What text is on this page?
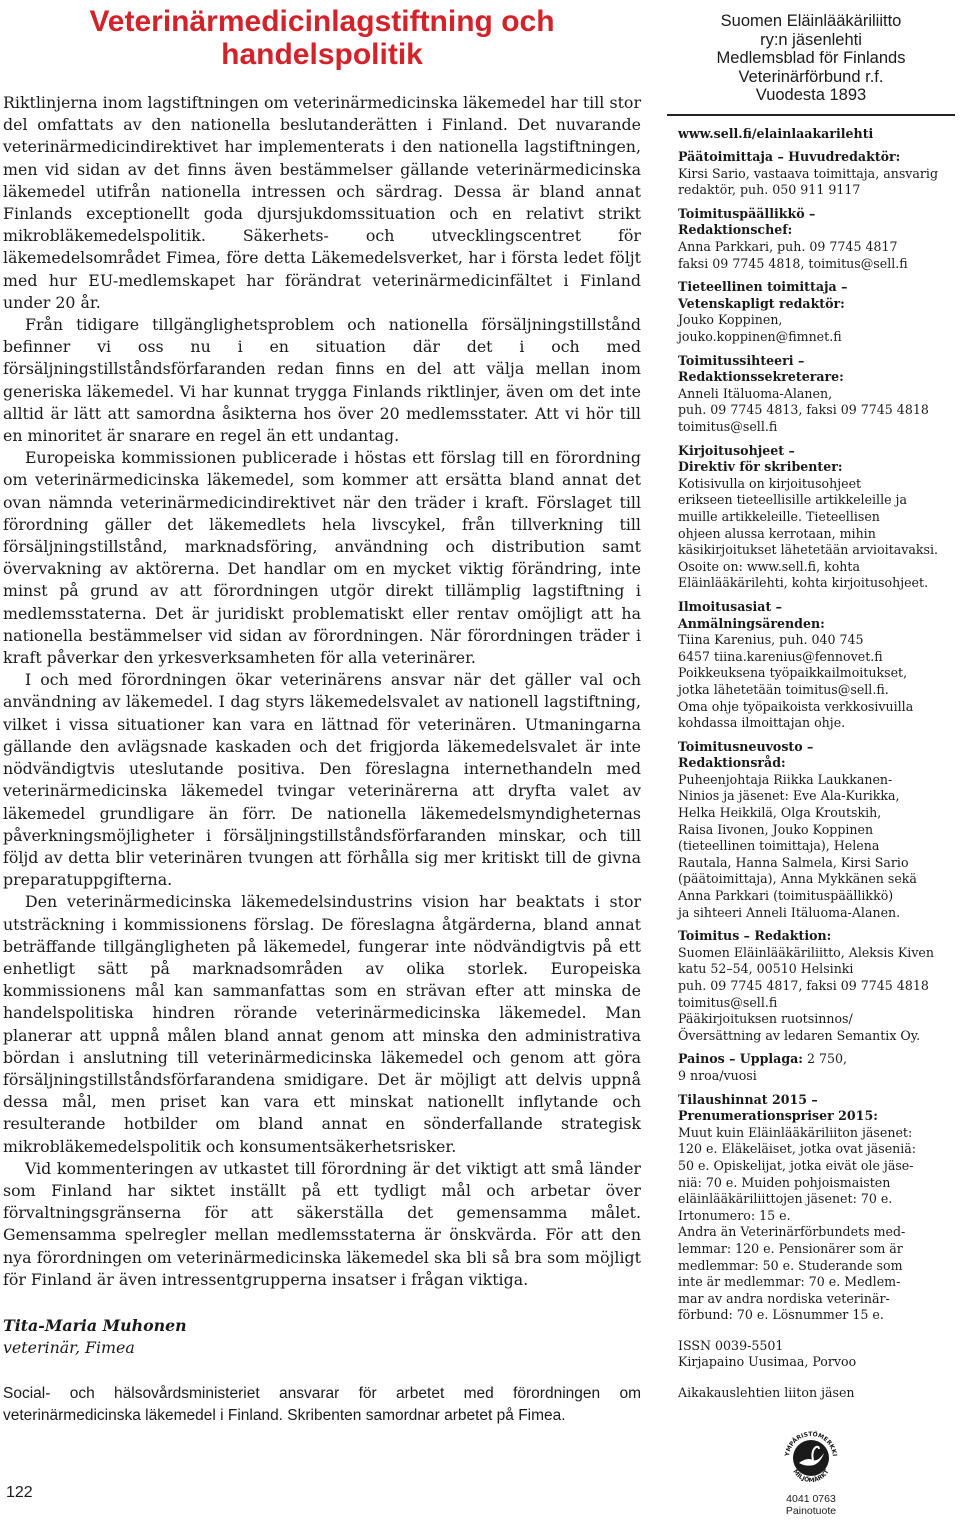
Veterinärmedicinlagstiftning och handelspolitik

Riktlinjerna inom lagstiftningen om veterinärmedicinska läkemedel har till stor del omfattats av den nationella beslutanderätten i Finland. Det nuvarande veterinärmedicindirektivet har implementerats i den nationella lagstiftningen, men vid sidan av det finns även bestämmelser gällande veterinärmedicinska läkemedel utifrån nationella intressen och särdrag. Dessa är bland annat Finlands exceptionellt goda djursjukdomssituation och en relativt strikt mikrobläkemedelspolitik. Säkerhets- och utvecklingscentret för läkemedelsområdet Fimea, före detta Läkemedelsverket, har i första ledet följt med hur EU-medlemskapet har förändrat veterinärmedicinfältet i Finland under 20 år.

Från tidigare tillgänglighetsproblem och nationella försäljningstillstånd befinner vi oss nu i en situation där det i och med försäljningstillståndsförfaranden redan finns en del att välja mellan inom generiska läkemedel. Vi har kunnat trygga Finlands riktlinjer, även om det inte alltid är lätt att samordna åsikterna hos över 20 medlemsstater. Att vi hör till en minoritet är snarare en regel än ett undantag.

Europeiska kommissionen publicerade i höstas ett förslag till en förordning om veterinärmedicinska läkemedel, som kommer att ersätta bland annat det ovan nämnda veterinärmedicindirektivet när den träder i kraft. Förslaget till förordning gäller det läkemedlets hela livscykel, från tillverkning till försäljningstillstånd, marknadsföring, användning och distribution samt övervakning av aktörerna. Det handlar om en mycket viktig förändring, inte minst på grund av att förordningen utgör direkt tillämplig lagstiftning i medlemsstaterna. Det är juridiskt problematiskt eller rentav omöjligt att ha nationella bestämmelser vid sidan av förordningen. När förordningen träder i kraft påverkar den yrkesverksamheten för alla veterinärer.

I och med förordningen ökar veterinärens ansvar när det gäller val och användning av läkemedel. I dag styrs läkemedelsvalet av nationell lagstiftning, vilket i vissa situationer kan vara en lättnad för veterinären. Utmaningarna gällande den avlägsnade kaskaden och det frigjorda läkemedelsvalet är inte nödvändigtvis uteslutande positiva. Den föreslagna internethandeln med veterinärmedicinska läkemedel tvingar veterinärerna att dryfta valet av läkemedel grundligare än förr. De nationella läkemedelsmyndigheternas påverkningsmöjligheter i försäljningstillståndsförfaranden minskar, och till följd av detta blir veterinären tvungen att förhålla sig mer kritiskt till de givna preparatuppgifterna.

Den veterinärmedicinska läkemedelsindustrins vision har beaktats i stor utsträckning i kommissionens förslag. De föreslagna åtgärderna, bland annat beträffande tillgängligheten på läkemedel, fungerar inte nödvändigtvis på ett enhetligt sätt på marknadsområden av olika storlek. Europeiska kommissionens mål kan sammanfattas som en strävan efter att minska de handelspolitiska hindren rörande veterinärmedicinska läkemedel. Man planerar att uppnå målen bland annat genom att minska den administrativa bördan i anslutning till veterinärmedicinska läkemedel och genom att göra försäljningstillståndsförfarandena smidigare. Det är möjligt att delvis uppnå dessa mål, men priset kan vara ett minskat nationellt inflytande och resulterande hotbilder om bland annat en sönderfallande strategisk mikrobläkemedelspolitik och konsumentsäkerhetsrisker.

Vid kommenteringen av utkastet till förordning är det viktigt att små länder som Finland har siktet inställt på ett tydligt mål och arbetar över förvaltningsgränserna för att säkerställa det gemensamma målet. Gemensamma spelregler mellan medlemsstaterna är önskvärda. För att den nya förordningen om veterinärmedicinska läkemedel ska bli så bra som möjligt för Finland är även intressentgrupperna insatser i frågan viktiga.

Tita-Maria Muhonen
veterinär, Fimea
Social- och hälsovårdsministeriet ansvarar för arbetet med förordningen om veterinärmedicinska läkemedel i Finland. Skribenten samordnar arbetet på Fimea.
122
Suomen Eläinlääkäriliitto
ry:n jäsenlehti
Medlemsblad för Finlands
Veterinärförbund r.f.
Vuodesta 1893
www.sell.fi/elainlaakarilehti
Päätoimittaja – Huvudredaktör:
Kirsi Sario, vastaava toimittaja, ansvarig
redaktör, puh. 050 911 9117
Toimituspäällikkö –
Redaktionschef:
Anna Parkkari, puh. 09 7745 4817
faksi 09 7745 4818, toimitus@sell.fi
Tieteellinen toimittaja –
Vetenskapligt redaktör:
Jouko Koppinen,
jouko.koppinen@fimnet.fi
Toimitussihteeri –
Redaktionssekreterare:
Anneli Itäluoma-Alanen,
puh. 09 7745 4813, faksi 09 7745 4818
toimitus@sell.fi
Kirjoitusohjeet –
Direktiv för skribenter:
Kotisivulla on kirjoitusohjeet
erikseen tieteellisille artikkeleille ja
muille artikkeleille. Tieteellisen
ohjeen alussa kerrotaan, mihin
käsikirjoitukset lähetetään arvioitavaksi.
Osoite on: www.sell.fi, kohta
Eläinlääkärilehti, kohta kirjoitusohjeet.
Ilmoitusasiat –
Anmälningsärenden:
Tiina Karenius, puh. 040 745
6457 tiina.karenius@fennovet.fi
Poikkeuksena työpaikkailmoitukset,
jotka lähetetään toimitus@sell.fi.
Oma ohje työpaikoista verkkosivuilla
kohdassa ilmoittajan ohje.
Toimitusneuvosto –
Redaktionsråd:
Puheenjohtaja Riikka Laukkanen-
Ninios ja jäsenet: Eve Ala-Kurikka,
Helka Heikkilä, Olga Kroutskih,
Raisa Iivonen, Jouko Koppinen
(tieteellinen toimittaja), Helena
Rautala, Hanna Salmela, Kirsi Sario
(päätoimittaja), Anna Mykkänen sekä
Anna Parkkari (toimituspäällikkö)
ja sihteeri Anneli Itäluoma-Alanen.
Toimitus – Redaktion:
Suomen Eläinlääkäriliitto, Aleksis Kiven
katu 52–54, 00510 Helsinki
puh. 09 7745 4817, faksi 09 7745 4818
toimitus@sell.fi
Pääkirjoituksen ruotsinnos/
Översättning av ledaren Semantix Oy.
Painos – Upplaga: 2 750,
9 nroa/vuosi
Tilaushinnat 2015 –
Prenumerationspriser 2015:
Muut kuin Eläinlääkäriliiton jäsenet:
120 e. Eläkeläiset, jotka ovat jäseniä:
50 e. Opiskelijat, jotka eivät ole jäse-
niä: 70 e. Muiden pohjoismaisten
eläinlääkäriliittojen jäsenet: 70 e.
Irtonumero: 15 e.
Andra än Veterinärförbundets med-
lemmar: 120 e. Pensionärer som är
medlemmar: 50 e. Studerande som
inte är medlemmar: 70 e. Medlem-
mar av andra nordiska veterinär-
förbund: 70 e. Lösnummer 15 e.
ISSN 0039-5501
Kirjapaino Uusimaa, Porvoo
Aikakauslehtien liiton jäsen
YMPÄRISTÖMERKKI
MILJÖMÄRKT
4041 0763
Painotuote
